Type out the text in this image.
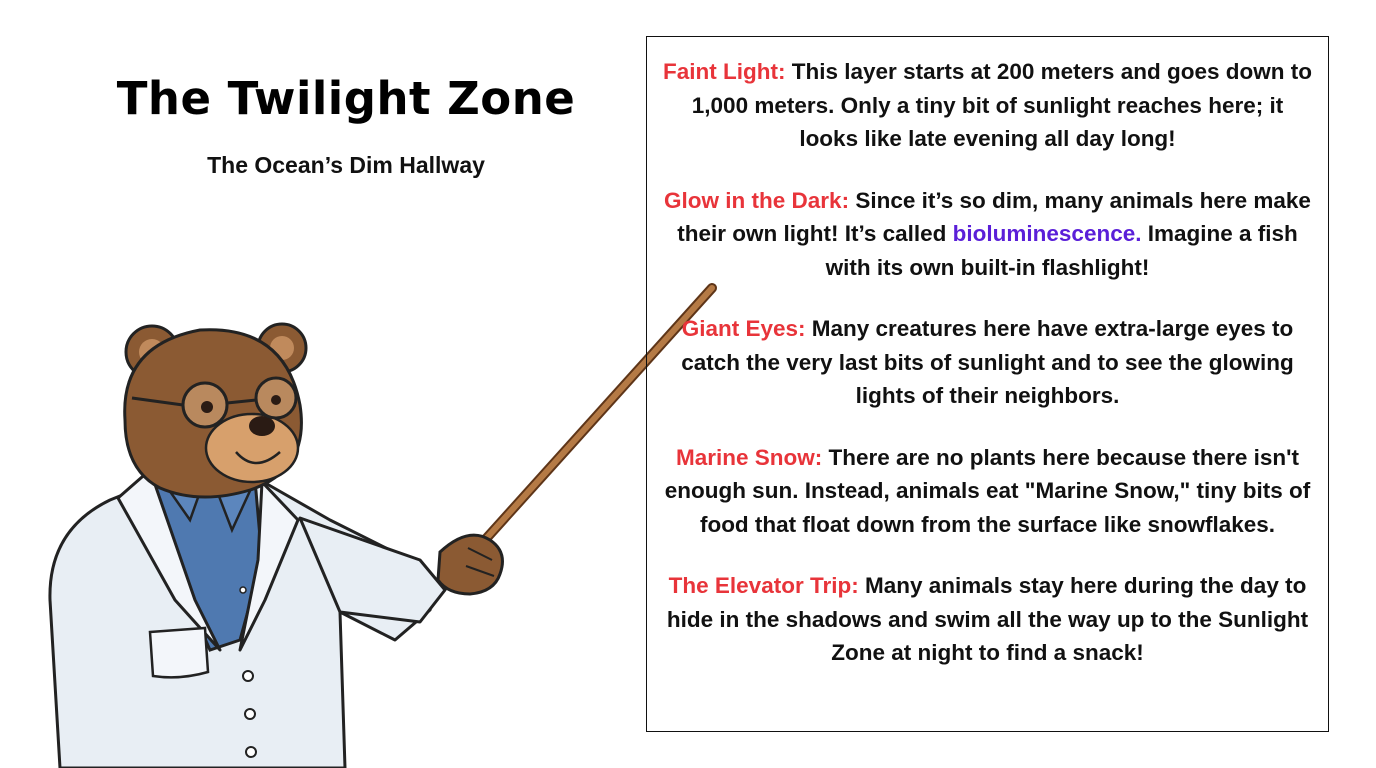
The Twilight Zone
The Ocean’s Dim Hallway

Faint Light: This layer starts at 200 meters and goes down to 1,000 meters. Only a tiny bit of sunlight reaches here; it looks like late evening all day long!

Glow in the Dark: Since it’s so dim, many animals here make their own light! It’s called bioluminescence. Imagine a fish with its own built-in flashlight!

Giant Eyes: Many creatures here have extra-large eyes to catch the very last bits of sunlight and to see the glowing lights of their neighbors.

Marine Snow: There are no plants here because there isn't enough sun. Instead, animals eat "Marine Snow," tiny bits of food that float down from the surface like snowflakes.

The Elevator Trip: Many animals stay here during the day to hide in the shadows and swim all the way up to the Sunlight Zone at night to find a snack!
